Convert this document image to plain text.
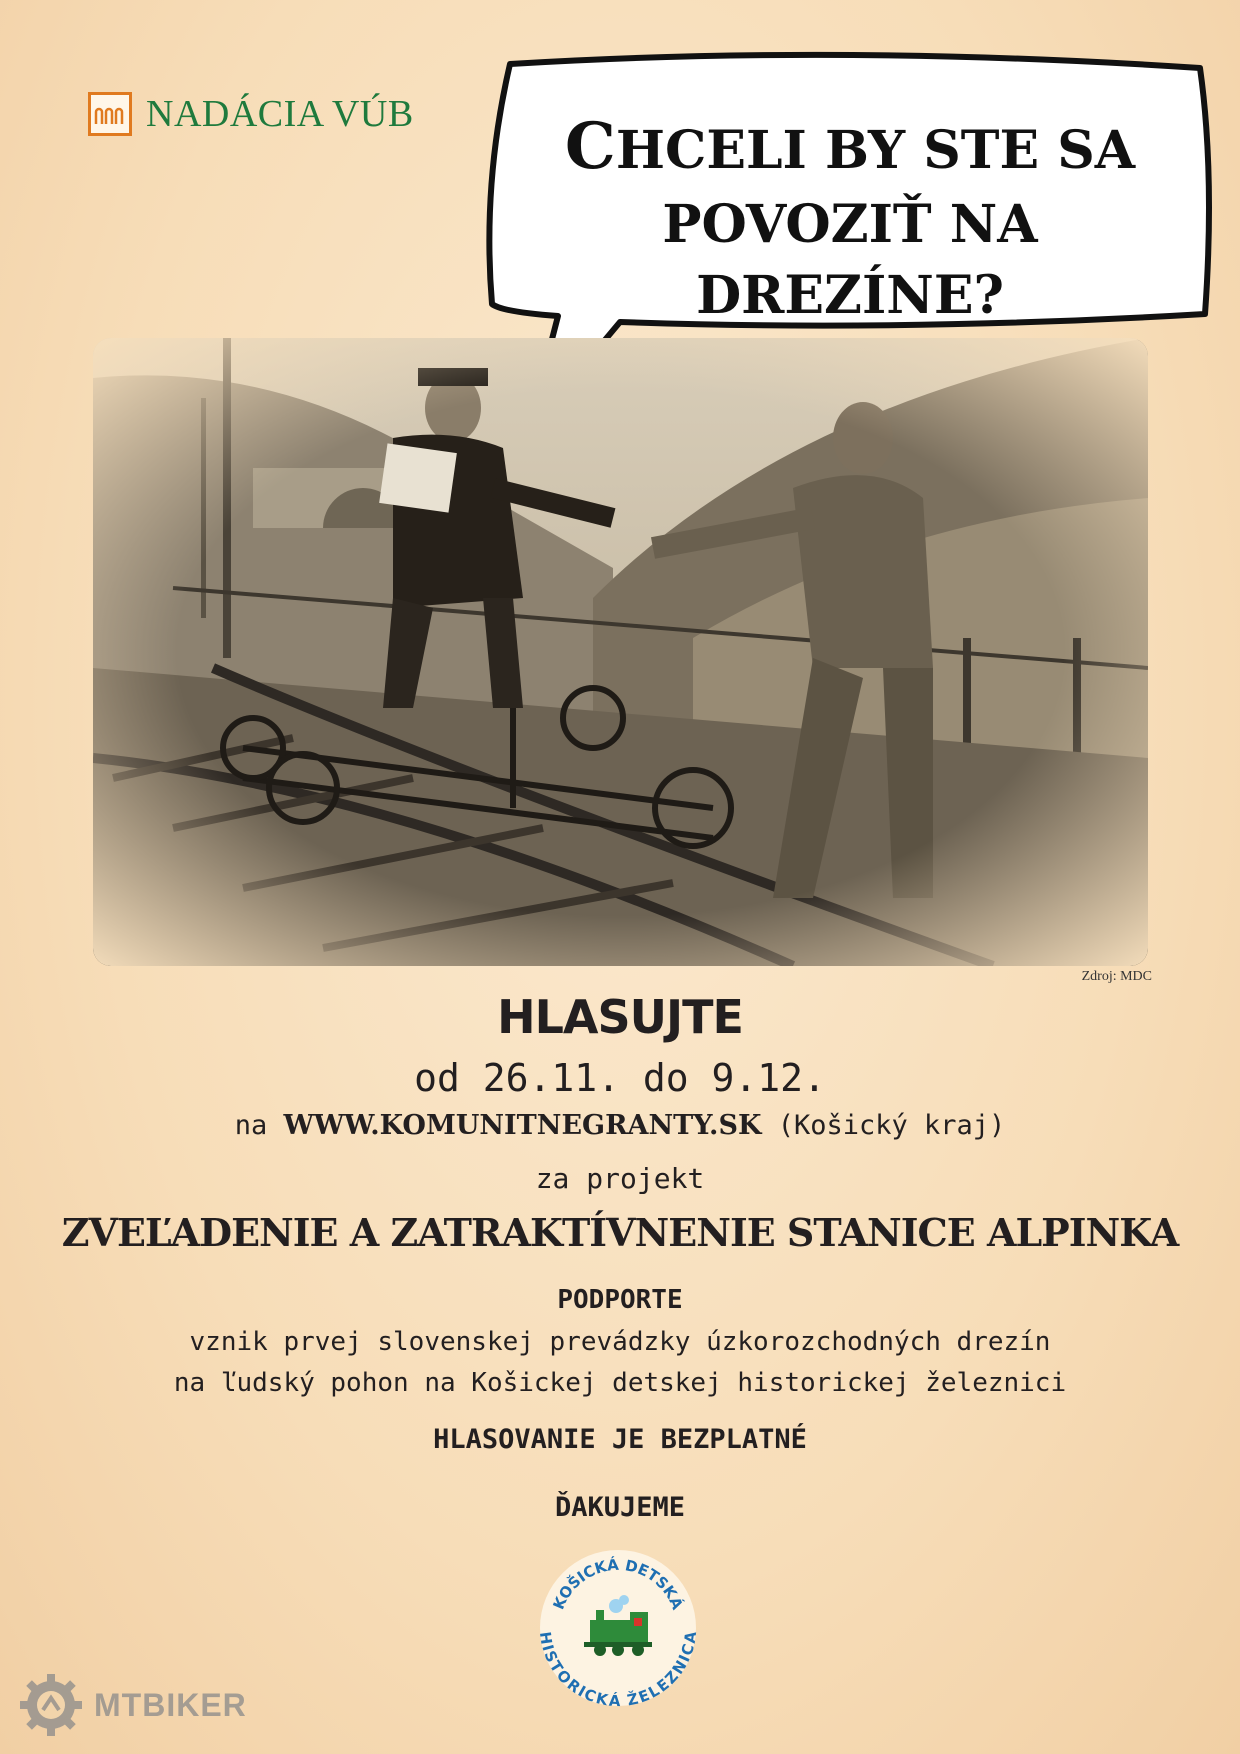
NADÁCIA VÚB	CHCELI BY STE SA
POVOZIŤ NA DREZÍNE?
Zdroj: MDC
HLASUJTE
od 26.11. do 9.12.
na WWW.KOMUNITNEGRANTY.SK (Košický kraj)
za projekt
ZVEĽADENIE A ZATRAKTÍVNENIE STANICE ALPINKA
PODPORTE
vznik prvej slovenskej prevádzky úzkorozchodných drezín
na ľudský pohon na Košickej detskej historickej železnici
HLASOVANIE JE BEZPLATNÉ
ĎAKUJEME
KOŠICKÁ DETSKÁ
ISTORICKÁ ŽELEZNIC
MTBIKER
